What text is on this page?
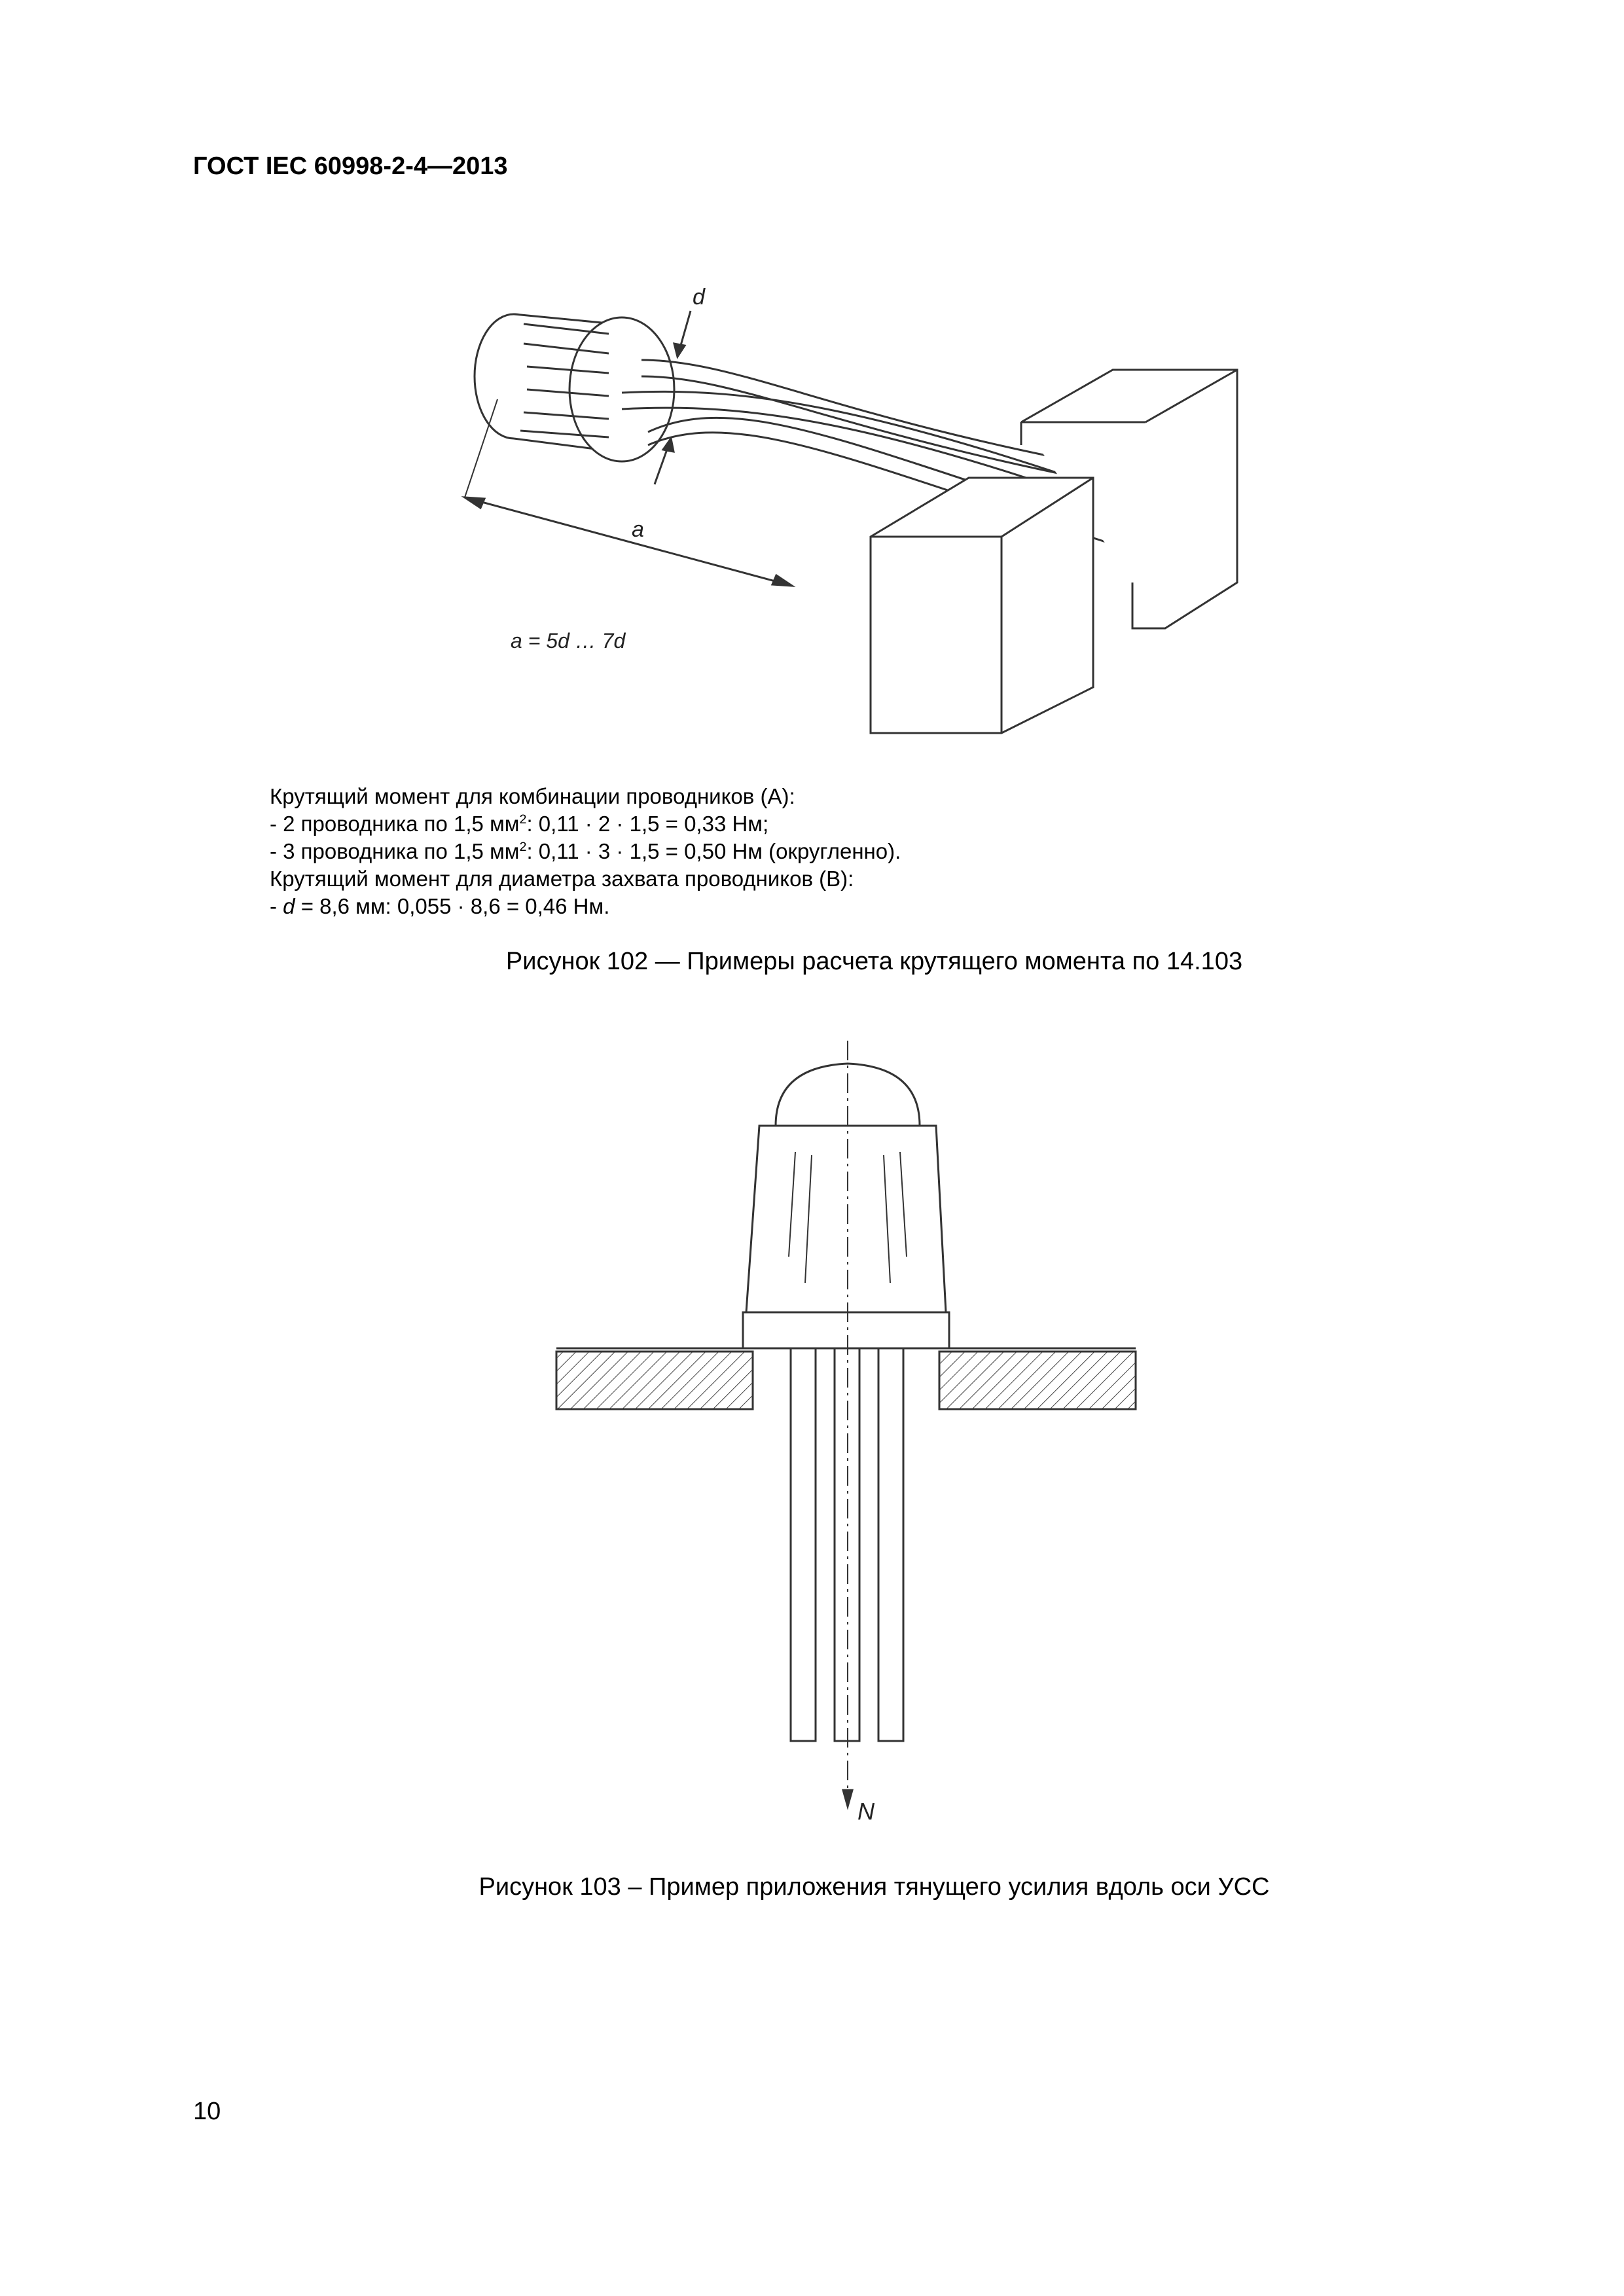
ГОСТ IEC 60998-2-4—2013
d
a
a = 5d … 7d
Крутящий момент для комбинации проводников (А):
- 2 проводника по 1,5 $мм^2$: 0,11 · 2 · 1,5 = 0,33 Нм;
- 3 проводника по 1,5 $мм^2$: 0,11 · 3 · 1,5 = 0,50 Нм (округленно).
Крутящий момент для диаметра захвата проводников (В):
- d = 8,6 мм: 0,055 · 8,6 = 0,46 Нм.
Рисунок 102 — Примеры расчета крутящего момента по 14.103
N
Рисунок 103 – Пример приложения тянущего усилия вдоль оси УСС
10
